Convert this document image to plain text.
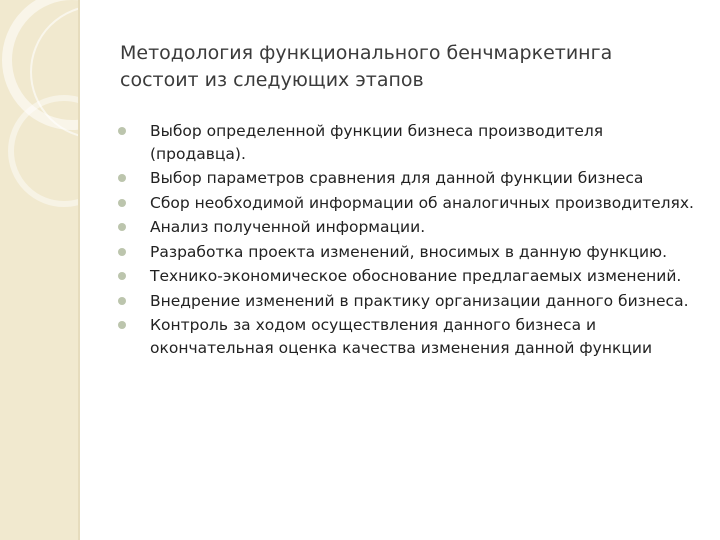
Методология функционального бенчмаркетинга
состоит из следующих этапов
Выбор определенной функции бизнеса производителя (продавца).
Выбор параметров сравнения для данной функции бизнеса
Сбор необходимой информации об аналогичных производителях.
Анализ полученной информации.
Разработка проекта изменений, вносимых в данную функцию.
Технико-экономическое обоснование предлагаемых изменений.
Внедрение изменений в практику организации данного бизнеса.
Контроль за ходом осуществления данного бизнеса и окончательная оценка качества изменения данной функции
